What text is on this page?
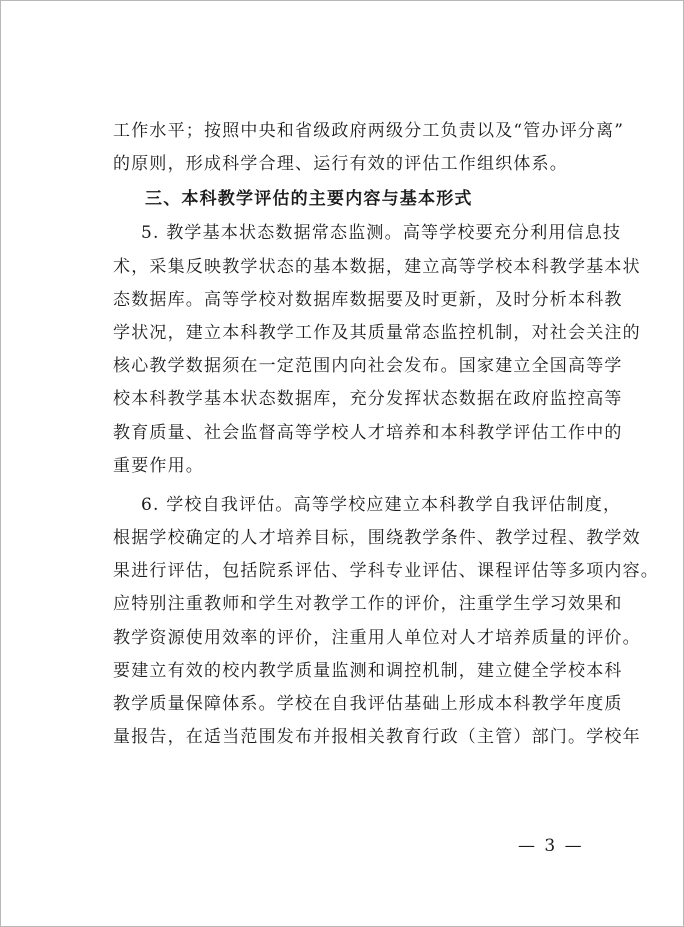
工作水平；按照中央和省级政府两级分工负责以及“管办评分离”
的原则，形成科学合理、运行有效的评估工作组织体系。
三、本科教学评估的主要内容与基本形式
5. 教学基本状态数据常态监测。高等学校要充分利用信息技
术，采集反映教学状态的基本数据，建立高等学校本科教学基本状
态数据库。高等学校对数据库数据要及时更新，及时分析本科教
学状况，建立本科教学工作及其质量常态监控机制，对社会关注的
核心教学数据须在一定范围内向社会发布。国家建立全国高等学
校本科教学基本状态数据库，充分发挥状态数据在政府监控高等
教育质量、社会监督高等学校人才培养和本科教学评估工作中的
重要作用。
6. 学校自我评估。高等学校应建立本科教学自我评估制度，
根据学校确定的人才培养目标，围绕教学条件、教学过程、教学效
果进行评估，包括院系评估、学科专业评估、课程评估等多项内容。
应特别注重教师和学生对教学工作的评价，注重学生学习效果和
教学资源使用效率的评价，注重用人单位对人才培养质量的评价。
要建立有效的校内教学质量监测和调控机制，建立健全学校本科
教学质量保障体系。学校在自我评估基础上形成本科教学年度质
量报告，在适当范围发布并报相关教育行政（主管）部门。学校年
— 3 —
